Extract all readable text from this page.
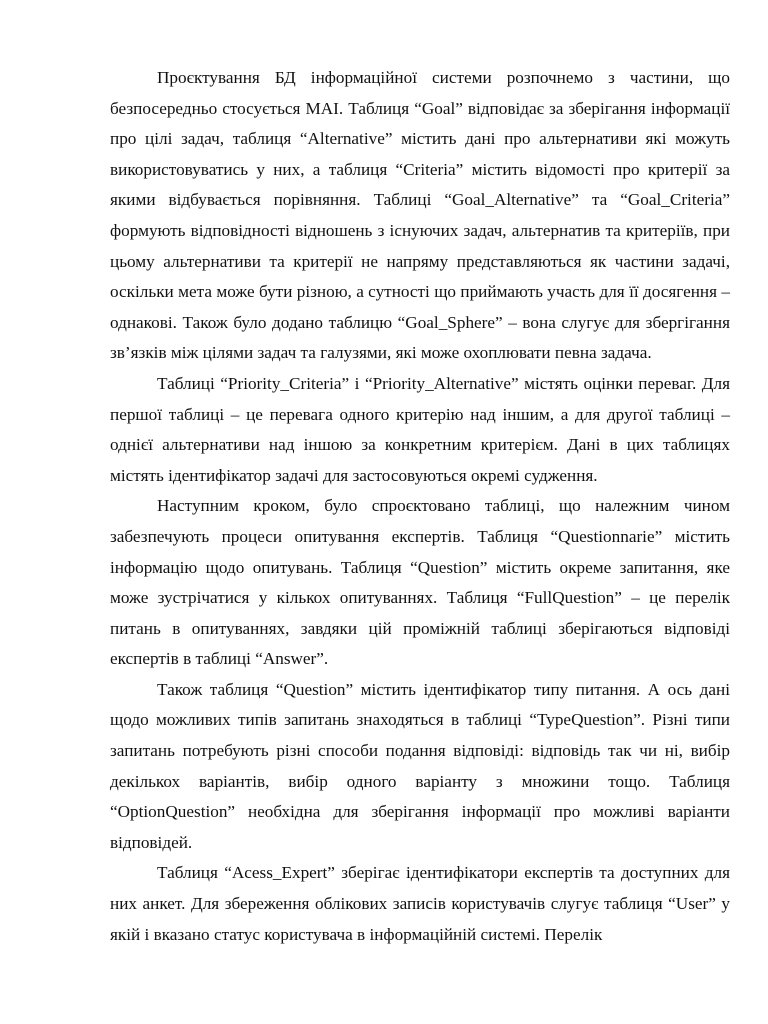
Проєктування БД інформаційної системи розпочнемо з частини, що безпосередньо стосується МАІ. Таблиця “Goal” відповідає за зберігання інформації про цілі задач, таблиця “Alternative” містить дані про альтернативи які можуть використовуватись у них, а таблиця “Criteria” містить відомості про критерії за якими відбувається порівняння. Таблиці “Goal_Alternative” та “Goal_Criteria” формують відповідності відношень з існуючих задач, альтернатив та критеріїв, при цьому альтернативи та критерії не напряму представляються як частини задачі, оскільки мета може бути різною, а сутності що приймають участь для її досягення – однакові. Також було додано таблицю “Goal_Sphere” – вона слугує для збергігання зв’язків між цілями задач та галузями, які може охоплювати певна задача.

Таблиці “Priority_Criteria” і “Priority_Alternative” містять оцінки переваг. Для першої таблиці – це перевага одного критерію над іншим, а для другої таблиці – однієї альтернативи над іншою за конкретним критерієм. Дані в цих таблицях містять ідентифікатор задачі для застосовуються окремі судження.

Наступним кроком, було спроєктовано таблиці, що належним чином забезпечують процеси опитування експертів. Таблиця “Questionnarie” містить інформацію щодо опитувань. Таблиця “Question” містить окреме запитання, яке може зустрічатися у кількох опитуваннях. Таблиця “FullQuestion” – це перелік питань в опитуваннях, завдяки цій проміжній таблиці зберігаються відповіді експертів в таблиці “Answer”.

Також таблиця “Question” містить ідентифікатор типу питання. А ось дані щодо можливих типів запитань знаходяться в таблиці “TypeQuestion”. Різні типи запитань потребують різні способи подання відповіді: відповідь так чи ні, вибір декількох варіантів, вибір одного варіанту з множини тощо. Таблиця “OptionQuestion” необхідна для зберігання інформації про можливі варіанти відповідей.

Таблиця “Acess_Expert” зберігає ідентифікатори експертів та доступних для них анкет. Для збереження облікових записів користувачів слугує таблиця “User” у якій і вказано статус користувача в інформаційній системі. Перелік
